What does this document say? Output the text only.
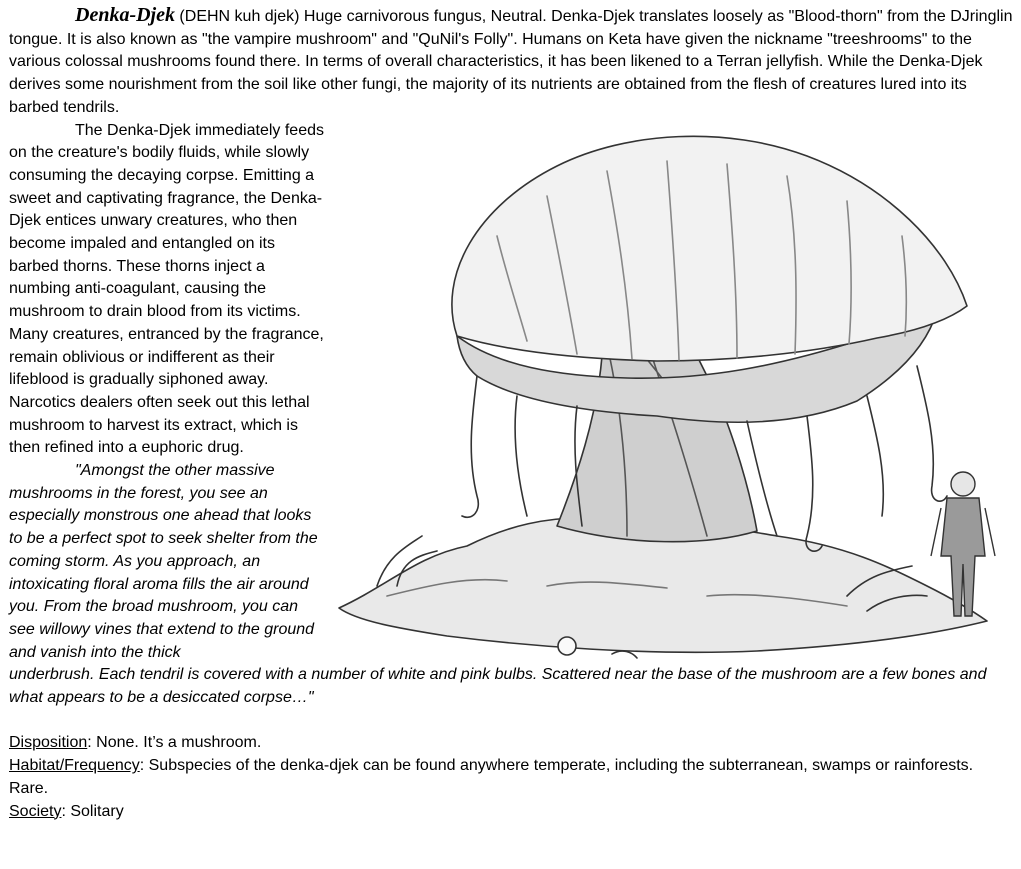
Denka-Djek (DEHN kuh djek) Huge carnivorous fungus, Neutral. Denka-Djek translates loosely as "Blood-thorn" from the DJringlin tongue. It is also known as "the vampire mushroom" and "QuNil's Folly". Humans on Keta have given the nickname "treeshrooms" to the various colossal mushrooms found there. In terms of overall characteristics, it has been likened to a Terran jellyfish. While the Denka-Djek derives some nourishment from the soil like other fungi, the majority of its nutrients are obtained from the flesh of creatures lured into its barbed tendrils.

The Denka-Djek immediately feeds on the creature's bodily fluids, while slowly consuming the decaying corpse. Emitting a sweet and captivating fragrance, the Denka-Djek entices unwary creatures, who then become impaled and entangled on its barbed thorns. These thorns inject a numbing anti-coagulant, causing the mushroom to drain blood from its victims. Many creatures, entranced by the fragrance, remain oblivious or indifferent as their lifeblood is gradually siphoned away. Narcotics dealers often seek out this lethal mushroom to harvest its extract, which is then refined into a euphoric drug.

"Amongst the other massive mushrooms in the forest, you see an especially monstrous one ahead that looks to be a perfect spot to seek shelter from the coming storm. As you approach, an intoxicating floral aroma fills the air around you. From the broad mushroom, you can see willowy vines that extend to the ground and vanish into the thick

underbrush. Each tendril is covered with a number of white and pink bulbs. Scattered near the base of the mushroom are a few bones and what appears to be a desiccated corpse…"

Disposition: None. It’s a mushroom.

Habitat/Frequency: Subspecies of the denka-djek can be found anywhere temperate, including the subterranean, swamps or rainforests. Rare.

Society: Solitary
